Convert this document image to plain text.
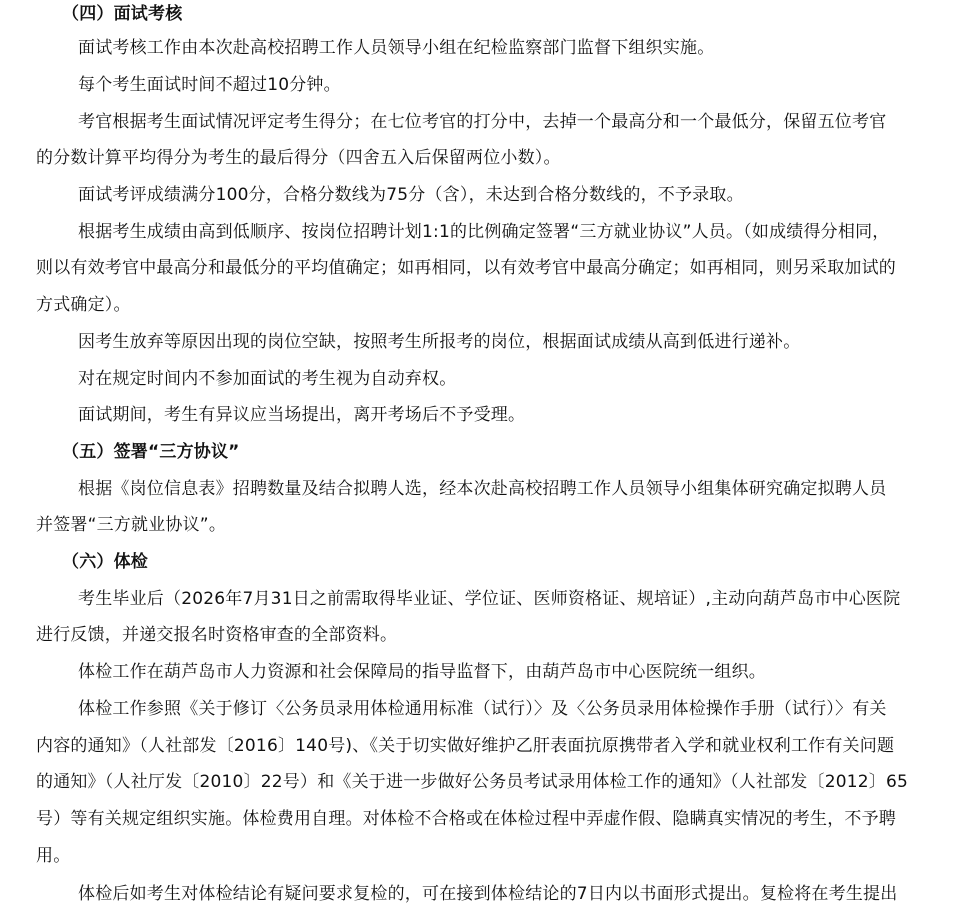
（四）面试考核
面试考核工作由本次赴高校招聘工作人员领导小组在纪检监察部门监督下组织实施。
每个考生面试时间不超过10分钟。
考官根据考生面试情况评定考生得分；在七位考官的打分中，去掉一个最高分和一个最低分，保留五位考官
的分数计算平均得分为考生的最后得分（四舍五入后保留两位小数）。
面试考评成绩满分100分，合格分数线为75分（含），未达到合格分数线的，不予录取。
根据考生成绩由高到低顺序、按岗位招聘计划1:1的比例确定签署“三方就业协议”人员。（如成绩得分相同，
则以有效考官中最高分和最低分的平均值确定；如再相同，以有效考官中最高分确定；如再相同，则另采取加试的
方式确定）。
因考生放弃等原因出现的岗位空缺，按照考生所报考的岗位，根据面试成绩从高到低进行递补。
对在规定时间内不参加面试的考生视为自动弃权。
面试期间，考生有异议应当场提出，离开考场后不予受理。
（五）签署“三方协议”
根据《岗位信息表》招聘数量及结合拟聘人选，经本次赴高校招聘工作人员领导小组集体研究确定拟聘人员
并签署“三方就业协议”。
（六）体检
考生毕业后（2026年7月31日之前需取得毕业证、学位证、医师资格证、规培证）,主动向葫芦岛市中心医院
进行反馈，并递交报名时资格审查的全部资料。
体检工作在葫芦岛市人力资源和社会保障局的指导监督下，由葫芦岛市中心医院统一组织。
体检工作参照《关于修订〈公务员录用体检通用标准（试行）〉及〈公务员录用体检操作手册（试行）〉有关
内容的通知》（人社部发〔2016〕140号)、《关于切实做好维护乙肝表面抗原携带者入学和就业权利工作有关问题
的通知》（人社厅发〔2010〕22号）和《关于进一步做好公务员考试录用体检工作的通知》（人社部发〔2012〕65
号）等有关规定组织实施。体检费用自理。对体检不合格或在体检过程中弄虚作假、隐瞒真实情况的考生，不予聘
用。
体检后如考生对体检结论有疑问要求复检的，可在接到体检结论的7日内以书面形式提出。复检将在考生提出
